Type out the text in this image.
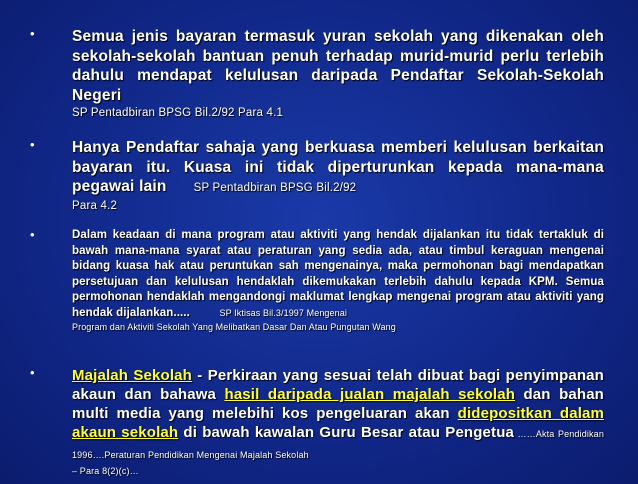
• Semua jenis bayaran termasuk yuran sekolah yang dikenakan oleh sekolah-sekolah bantuan penuh terhadap murid-murid perlu terlebih dahulu mendapat kelulusan daripada Pendaftar Sekolah-Sekolah Negeri
SP Pentadbiran BPSG Bil.2/92 Para 4.1
• Hanya Pendaftar sahaja yang berkuasa memberi kelulusan berkaitan bayaran itu. Kuasa ini tidak diperturunkan kepada mana-mana pegawai lain SP Pentadbiran BPSG Bil.2/92
Para 4.2
•	Dalam keadaan di mana program atau aktiviti yang hendak dijalankan itu tidak tertakluk di bawah mana-mana syarat atau peraturan yang sedia ada, atau timbul keraguan mengenai bidang kuasa hak atau peruntukan sah mengenainya, maka permohonan bagi mendapatkan persetujuan dan kelulusan hendaklah dikemukakan terlebih dahulu kepada KPM. Semua permohonan hendaklah mengandongi maklumat lengkap mengenai program atau aktiviti yang hendak dijalankan.....	SP Iktisas Bil.3/1997 Mengenai
Program dan Aktiviti Sekolah Yang Melibatkan Dasar Dan Atau Pungutan Wang
• Majalah Sekolah - Perkiraan yang sesuai telah dibuat bagi penyimpanan akaun dan bahawa hasil daripada jualan majalah sekolah dan bahan multi media yang melebihi kos pengeluaran akan didepositkan dalam akaun sekolah di bawah kawalan Guru Besar atau Pengetua ……Akta Pendidikan 1996….Peraturan Pendidikan Mengenai Majalah Sekolah
– Para 8(2)(c)…
